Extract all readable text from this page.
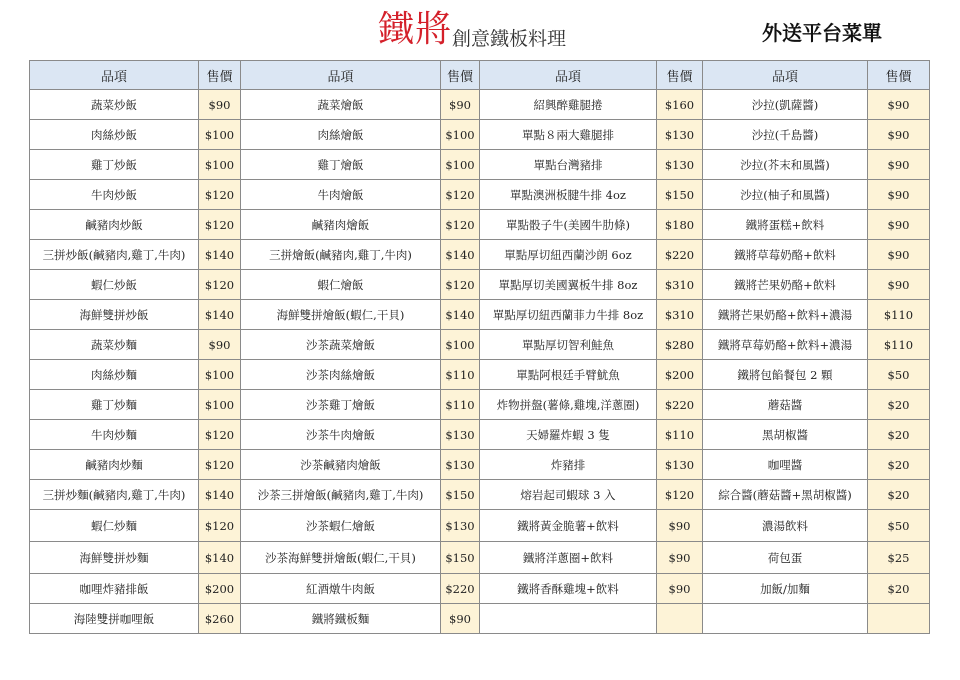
鐵將 創意鐵板料理	外送平台菜單
品項	售價	品項	售價	品項	售價	品項	售價
蔬菜炒飯	$90	蔬菜燴飯	$90	紹興醉雞腿捲	$160	沙拉(凱薩醬)	$90
肉絲炒飯	$100	肉絲燴飯	$100	單點８兩大雞腿排	$130	沙拉(千島醬)	$90
雞丁炒飯	$100	雞丁燴飯	$100	單點台灣豬排	$130	沙拉(芥末和風醬)	$90
牛肉炒飯	$120	牛肉燴飯	$120	單點澳洲板腱牛排 4oz	$150	沙拉(柚子和風醬)	$90
鹹豬肉炒飯	$120	鹹豬肉燴飯	$120	單點骰子牛(美國牛肋條)	$180	鐵將蛋糕+飲料	$90
三拼炒飯(鹹豬肉,雞丁,牛肉)	$140	三拼燴飯(鹹豬肉,雞丁,牛肉)	$140	單點厚切紐西蘭沙朗 6oz	$220	鐵將草莓奶酪+飲料	$90
蝦仁炒飯	$120	蝦仁燴飯	$120	單點厚切美國翼板牛排 8oz	$310	鐵將芒果奶酪+飲料	$90
海鮮雙拼炒飯	$140	海鮮雙拼燴飯(蝦仁,干貝)	$140	單點厚切紐西蘭菲力牛排 8oz	$310	鐵將芒果奶酪+飲料+濃湯	$110
蔬菜炒麵	$90	沙茶蔬菜燴飯	$100	單點厚切智利鮭魚	$280	鐵將草莓奶酪+飲料+濃湯	$110
肉絲炒麵	$100	沙茶肉絲燴飯	$110	單點阿根廷手臂魷魚	$200	鐵將包餡餐包 2 顆	$50
雞丁炒麵	$100	沙茶雞丁燴飯	$110	炸物拼盤(薯條,雞塊,洋蔥圈)	$220	蘑菇醬	$20
牛肉炒麵	$120	沙茶牛肉燴飯	$130	天婦羅炸蝦 3 隻	$110	黑胡椒醬	$20
鹹豬肉炒麵	$120	沙茶鹹豬肉燴飯	$130	炸豬排	$130	咖哩醬	$20
三拼炒麵(鹹豬肉,雞丁,牛肉)	$140	沙茶三拼燴飯(鹹豬肉,雞丁,牛肉)	$150	熔岩起司蝦球 3 入	$120	綜合醬(蘑菇醬+黑胡椒醬)	$20
蝦仁炒麵	$120	沙茶蝦仁燴飯	$130	鐵將黃金脆薯+飲料	$90	濃湯飲料	$50
海鮮雙拼炒麵	$140	沙茶海鮮雙拼燴飯(蝦仁,干貝)	$150	鐵將洋蔥圈+飲料	$90	荷包蛋	$25
咖哩炸豬排飯	$200	紅酒燉牛肉飯	$220	鐵將香酥雞塊+飲料	$90	加飯/加麵	$20
海陸雙拼咖哩飯	$260	鐵將鐵板麵	$90				
